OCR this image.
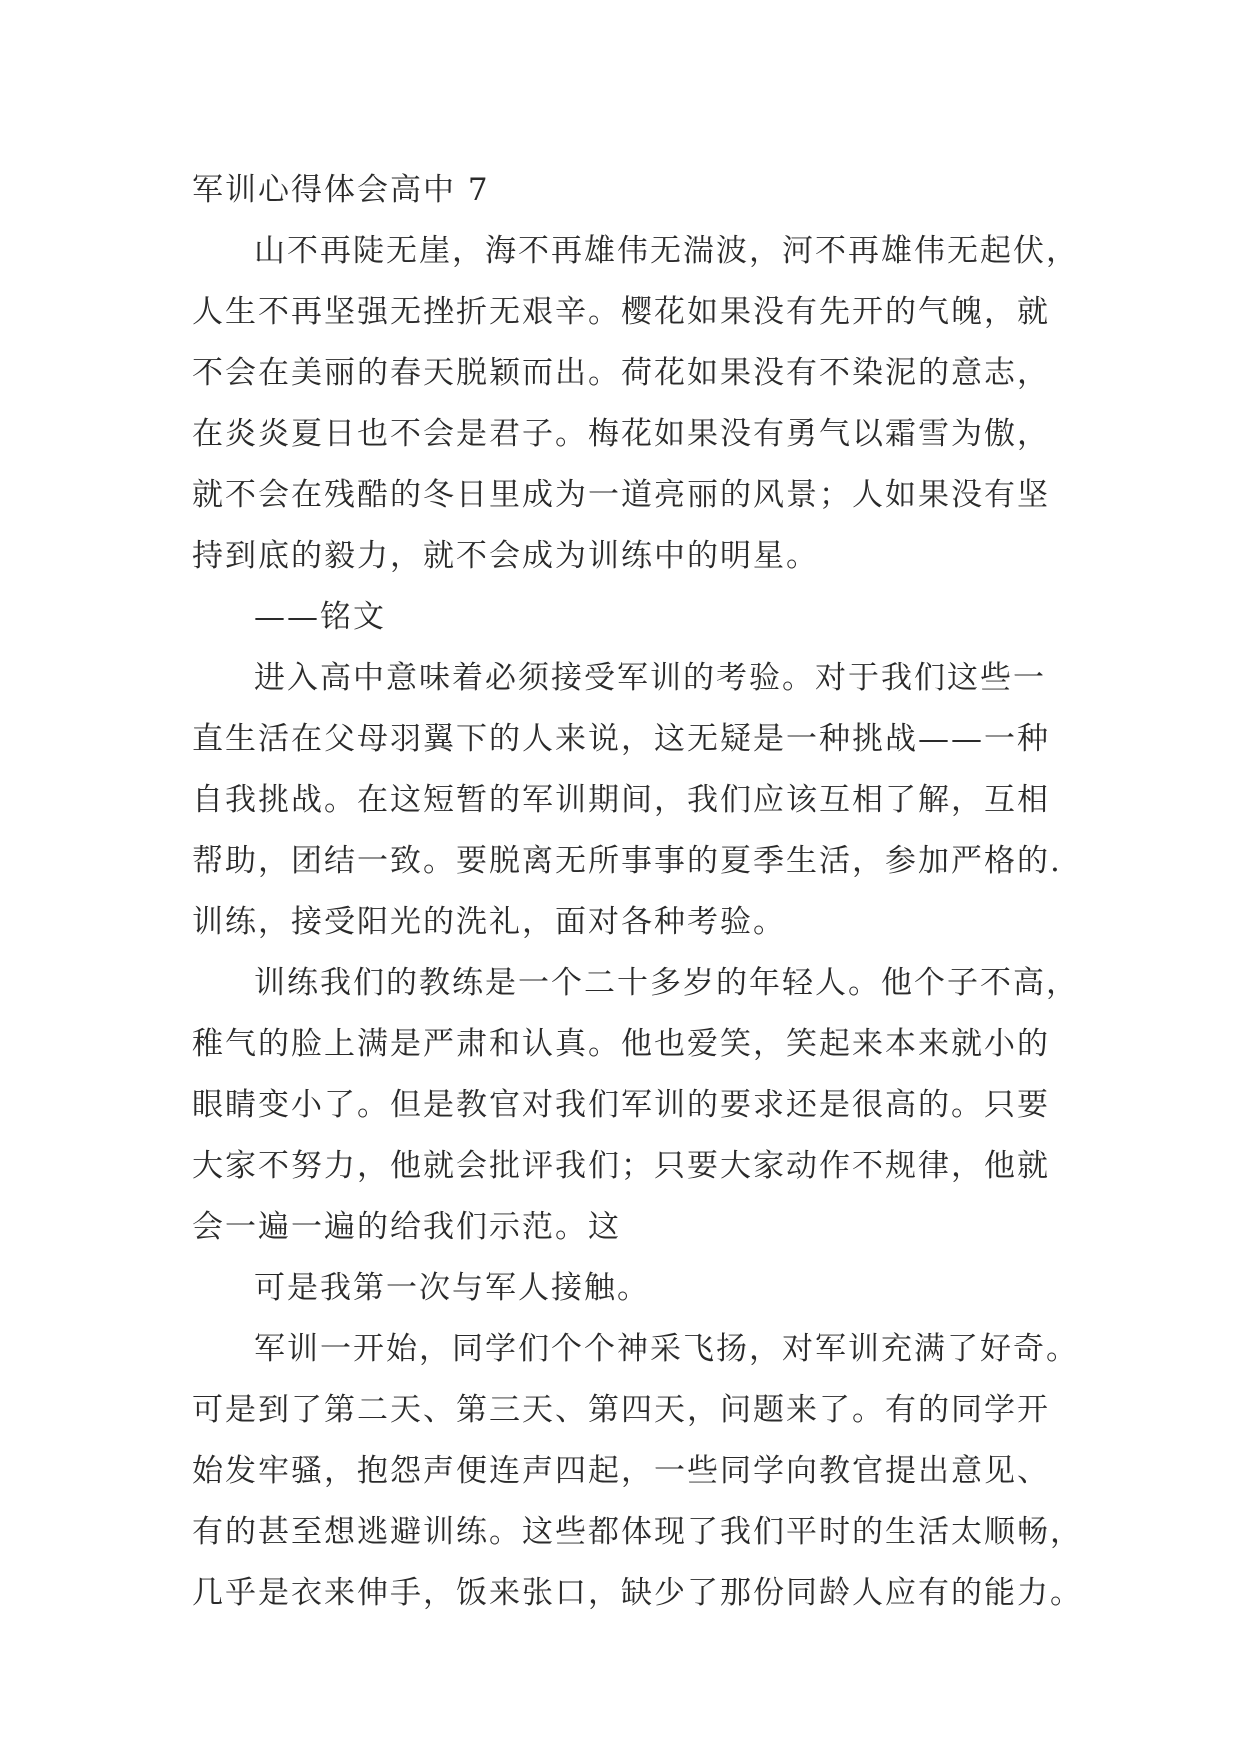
军训心得体会高中 7

山不再陡无崖，海不再雄伟无湍波，河不再雄伟无起伏，
人生不再坚强无挫折无艰辛。樱花如果没有先开的气魄，就
不会在美丽的春天脱颖而出。荷花如果没有不染泥的意志，
在炎炎夏日也不会是君子。梅花如果没有勇气以霜雪为傲，
就不会在残酷的冬日里成为一道亮丽的风景；人如果没有坚
持到底的毅力，就不会成为训练中的明星。

——铭文

进入高中意味着必须接受军训的考验。对于我们这些一
直生活在父母羽翼下的人来说，这无疑是一种挑战——一种
自我挑战。在这短暂的军训期间，我们应该互相了解，互相
帮助，团结一致。要脱离无所事事的夏季生活，参加严格的.
训练，接受阳光的洗礼，面对各种考验。

训练我们的教练是一个二十多岁的年轻人。他个子不高，
稚气的脸上满是严肃和认真。他也爱笑，笑起来本来就小的
眼睛变小了。但是教官对我们军训的要求还是很高的。只要
大家不努力，他就会批评我们；只要大家动作不规律，他就
会一遍一遍的给我们示范。这

可是我第一次与军人接触。

军训一开始，同学们个个神采飞扬，对军训充满了好奇。
可是到了第二天、第三天、第四天，问题来了。有的同学开
始发牢骚，抱怨声便连声四起，一些同学向教官提出意见、
有的甚至想逃避训练。这些都体现了我们平时的生活太顺畅，
几乎是衣来伸手，饭来张口，缺少了那份同龄人应有的能力。
